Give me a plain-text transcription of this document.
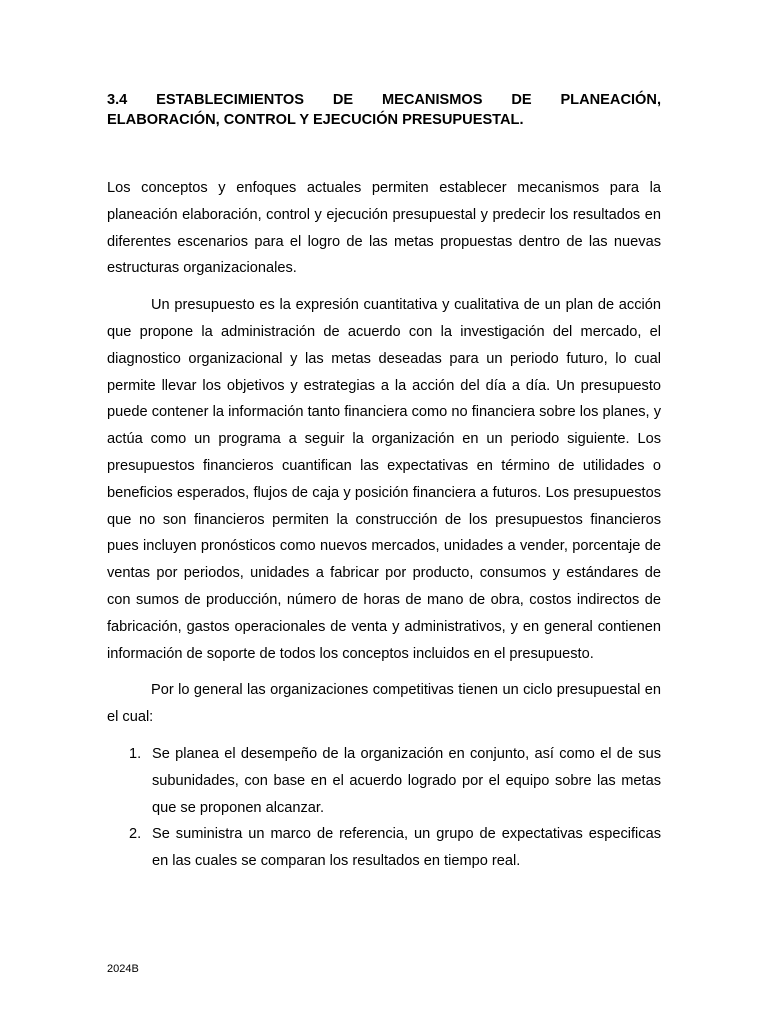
3.4 ESTABLECIMIENTOS DE MECANISMOS DE PLANEACIÓN,
ELABORACIÓN, CONTROL Y EJECUCIÓN PRESUPUESTAL.

Los conceptos y enfoques actuales permiten establecer mecanismos para la planeación elaboración, control y ejecución presupuestal y predecir los resultados en diferentes escenarios para el logro de las metas propuestas dentro de las nuevas estructuras organizacionales.

Un presupuesto es la expresión cuantitativa y cualitativa de un plan de acción que propone la administración de acuerdo con la investigación del mercado, el diagnostico organizacional y las metas deseadas para un periodo futuro, lo cual permite llevar los objetivos y estrategias a la acción del día a día. Un presupuesto puede contener la información tanto financiera como no financiera sobre los planes, y actúa como un programa a seguir la organización en un periodo siguiente. Los presupuestos financieros cuantifican las expectativas en término de utilidades o beneficios esperados, flujos de caja y posición financiera a futuros. Los presupuestos que no son financieros permiten la construcción de los presupuestos financieros pues incluyen pronósticos como nuevos mercados, unidades a vender, porcentaje de ventas por periodos, unidades a fabricar por producto, consumos y estándares de con sumos de producción, número de horas de mano de obra, costos indirectos de fabricación, gastos operacionales de venta y administrativos, y en general contienen información de soporte de todos los conceptos incluidos en el presupuesto.

Por lo general las organizaciones competitivas tienen un ciclo presupuestal en el cual:

1. Se planea el desempeño de la organización en conjunto, así como el de sus subunidades, con base en el acuerdo logrado por el equipo sobre las metas que se proponen alcanzar.
2. Se suministra un marco de referencia, un grupo de expectativas especificas en las cuales se comparan los resultados en tiempo real.
2024B
